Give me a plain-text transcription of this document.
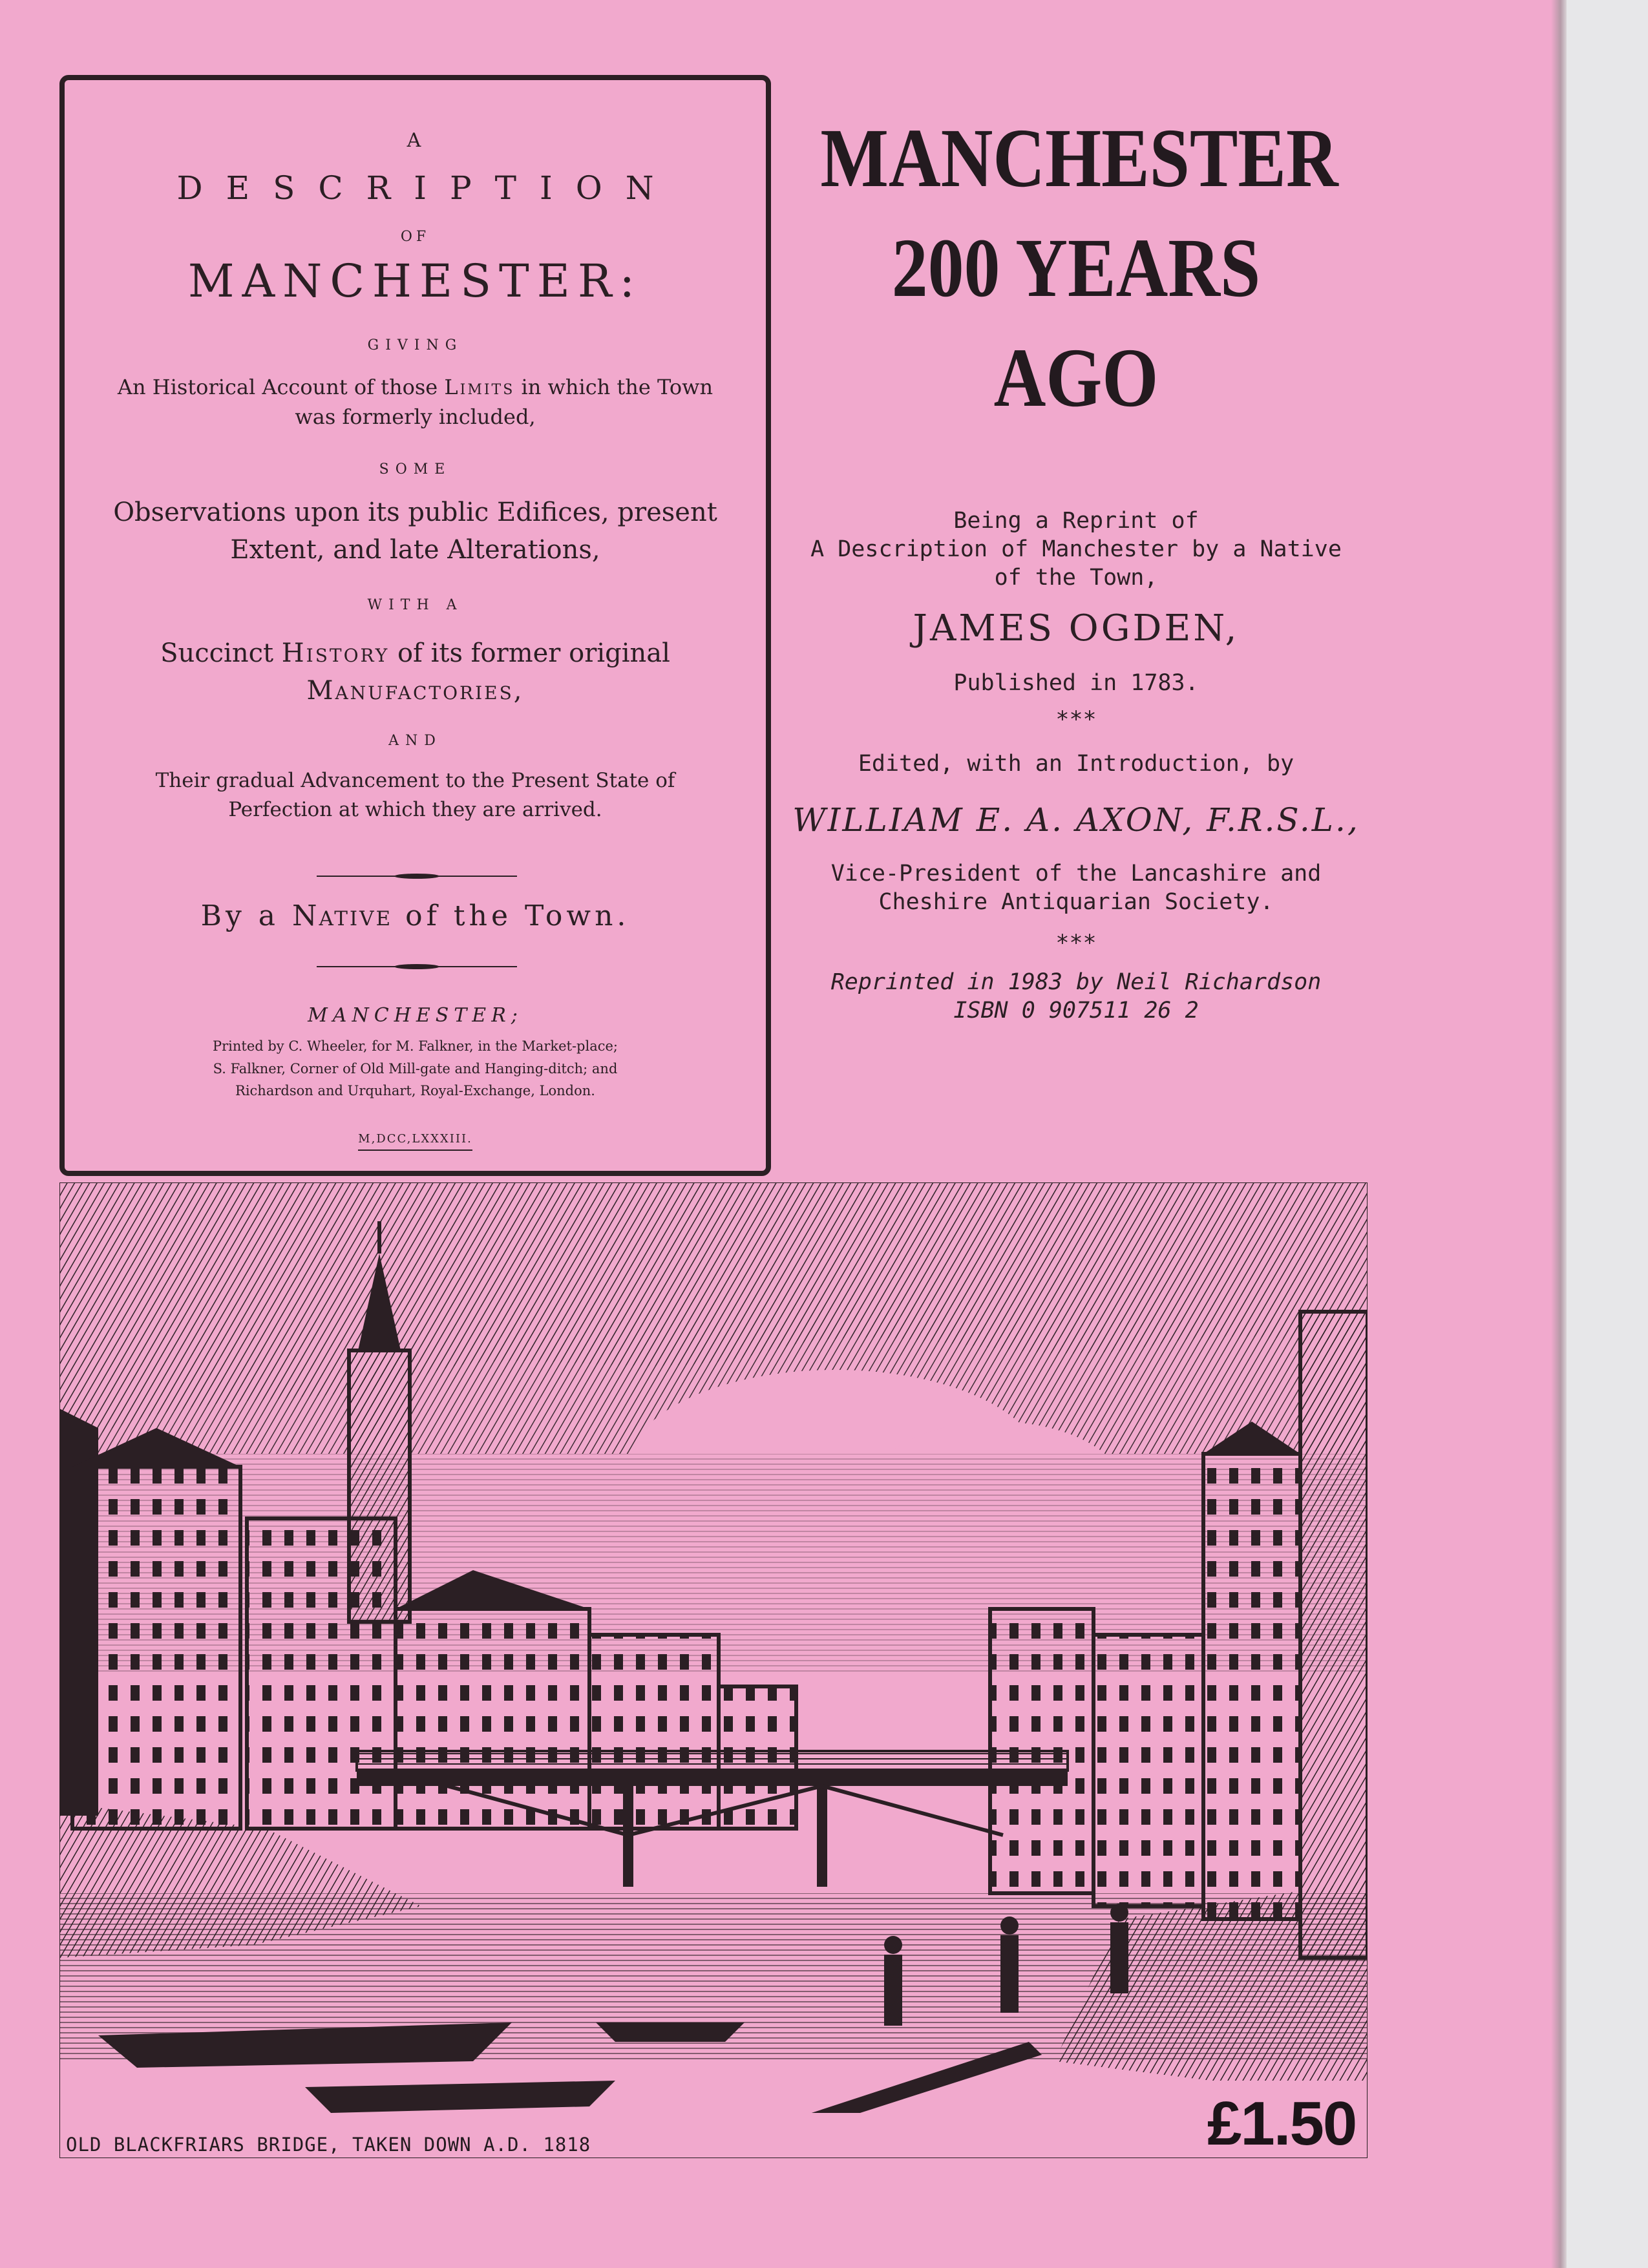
A
DESCRIPTION
OF
MANCHESTER:
GIVING
An Historical Account of those Limits in which the Town was formerly included,
SOME
Observations upon its public Edifices, present Extent, and late Alterations,
WITH A
Succinct History of its former original Manufactories,
AND
Their gradual Advancement to the Present State of Perfection at which they are arrived.
By a Native of the Town.
MANCHESTER;
Printed by C. Wheeler, for M. Falkner, in the Market-place;
S. Falkner, Corner of Old Mill-gate and Hanging-ditch; and
Richardson and Urquhart, Royal-Exchange, London.
M,DCC,LXXXIII.
MANCHESTER
200 YEARS AGO
Being a Reprint of
A Description of Manchester by a Native
of the Town,
JAMES OGDEN,
Published in 1783.
***
Edited, with an Introduction, by
WILLIAM E. A. AXON, F.R.S.L.,
Vice-President of the Lancashire and
Cheshire Antiquarian Society.
***
Reprinted in 1983 by Neil Richardson
ISBN 0 907511 26 2
OLD BLACKFRIARS BRIDGE, TAKEN DOWN A.D. 1818	£1.50
